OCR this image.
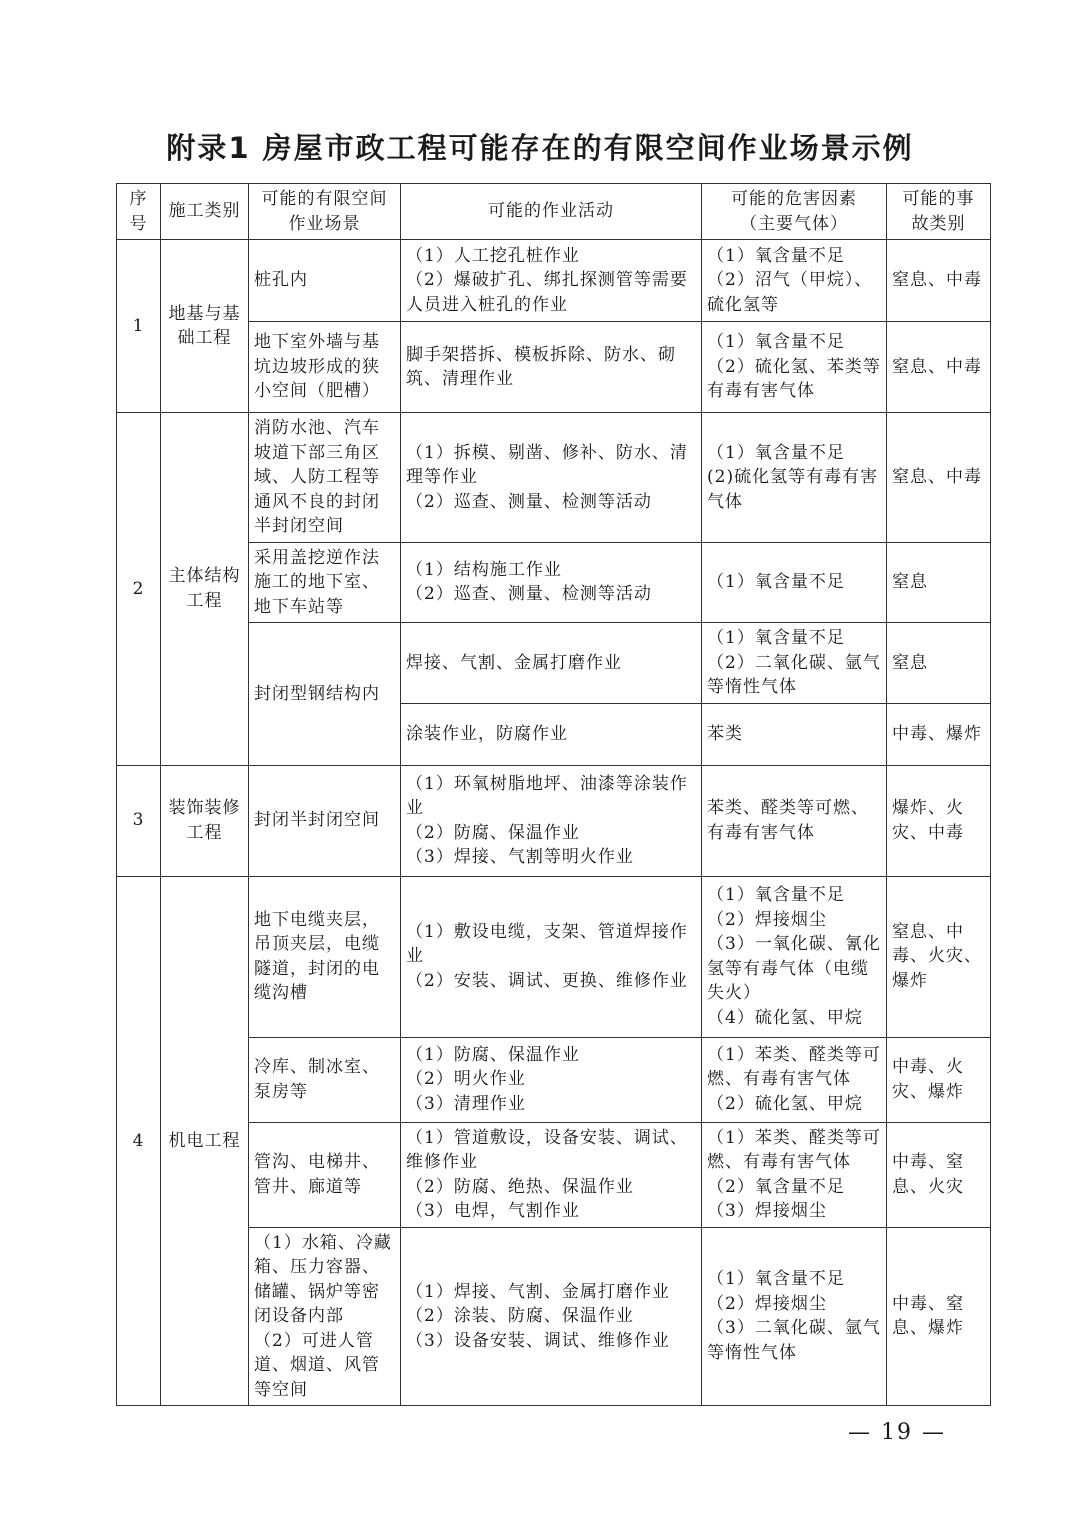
附录1 房屋市政工程可能存在的有限空间作业场景示例
序
号	施工类别	可能的有限空间
作业场景	可能的作业活动	可能的危害因素
（主要气体）	可能的事
故类别

1	地基与基
础工程	桩孔内	（1）人工挖孔桩作业
（2）爆破扩孔、绑扎探测管等需要人员进入桩孔的作业	（1）氧含量不足
（2）沼气（甲烷）、硫化氢等	窒息、中毒

		地下室外墙与基坑边坡形成的狭小空间（肥槽）	脚手架搭拆、模板拆除、防水、砌筑、清理作业	（1）氧含量不足
（2）硫化氢、苯类等有毒有害气体	窒息、中毒

2	主体结构
工程	消防水池、汽车坡道下部三角区域、人防工程等通风不良的封闭半封闭空间	（1）拆模、剔凿、修补、防水、清理等作业
（2）巡查、测量、检测等活动	（1）氧含量不足
(2)硫化氢等有毒有害气体	窒息、中毒

		采用盖挖逆作法施工的地下室、地下车站等	（1）结构施工作业
（2）巡查、测量、检测等活动	（1）氧含量不足	窒息

		封闭型钢结构内	焊接、气割、金属打磨作业	（1）氧含量不足
（2）二氧化碳、氩气等惰性气体	窒息

			涂装作业，防腐作业	苯类	中毒、爆炸

3	装饰装修
工程	封闭半封闭空间	（1）环氧树脂地坪、油漆等涂装作业
（2）防腐、保温作业
（3）焊接、气割等明火作业	苯类、醛类等可燃、有毒有害气体	爆炸、火灾、中毒

4	机电工程	地下电缆夹层，吊顶夹层，电缆隧道，封闭的电缆沟槽	（1）敷设电缆，支架、管道焊接作业
（2）安装、调试、更换、维修作业	（1）氧含量不足
（2）焊接烟尘
（3）一氧化碳、氰化氢等有毒气体（电缆失火）
（4）硫化氢、甲烷	窒息、中毒、火灾、爆炸

		冷库、制冰室、泵房等	（1）防腐、保温作业
（2）明火作业
（3）清理作业	（1）苯类、醛类等可燃、有毒有害气体
（2）硫化氢、甲烷	中毒、火灾、爆炸

		管沟、电梯井、管井、廊道等	（1）管道敷设，设备安装、调试、维修作业
（2）防腐、绝热、保温作业
（3）电焊，气割作业	（1）苯类、醛类等可燃、有毒有害气体
（2）氧含量不足
（3）焊接烟尘	中毒、窒息、火灾

		（1）水箱、冷藏箱、压力容器、储罐、锅炉等密闭设备内部
（2）可进人管道、烟道、风管等空间	（1）焊接、气割、金属打磨作业
（2）涂装、防腐、保温作业
（3）设备安装、调试、维修作业	（1）氧含量不足
（2）焊接烟尘
（3）二氧化碳、氩气等惰性气体	中毒、窒息、爆炸
— 19 —
